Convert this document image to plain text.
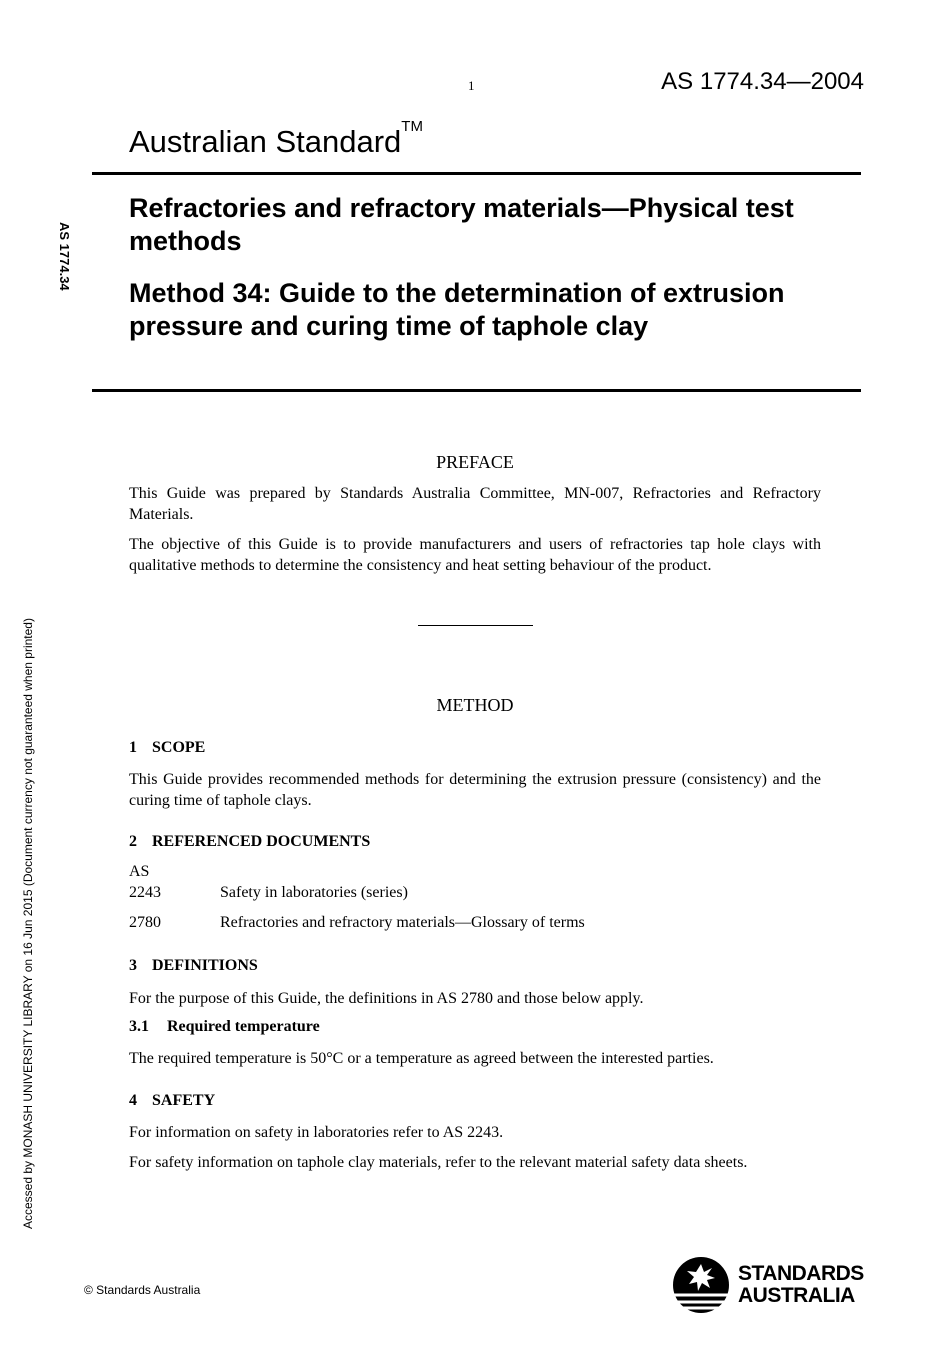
1	AS 1774.34—2004
Australian Standard™
Refractories and refractory materials—Physical test methods
Method 34: Guide to the determination of extrusion pressure and curing time of taphole clay
AS 1774.34
Accessed by MONASH UNIVERSITY LIBRARY on 16 Jun 2015 (Document currency not guaranteed when printed)
PREFACE

This Guide was prepared by Standards Australia Committee, MN-007, Refractories and Refractory Materials.

The objective of this Guide is to provide manufacturers and users of refractories tap hole clays with qualitative methods to determine the consistency and heat setting behaviour of the product.

METHOD
1 SCOPE

This Guide provides recommended methods for determining the extrusion pressure (consistency) and the curing time of taphole clays.

2 REFERENCED DOCUMENTS
AS
2243	Safety in laboratories (series)
2780	Refractories and refractory materials—Glossary of terms
3 DEFINITIONS

For the purpose of this Guide, the definitions in AS 2780 and those below apply.

3.1 Required temperature

The required temperature is 50°C or a temperature as agreed between the interested parties.

4 SAFETY

For information on safety in laboratories refer to AS 2243.

For safety information on taphole clay materials, refer to the relevant material safety data sheets.

© Standards Australia
STANDARDS
AUSTRALIA
